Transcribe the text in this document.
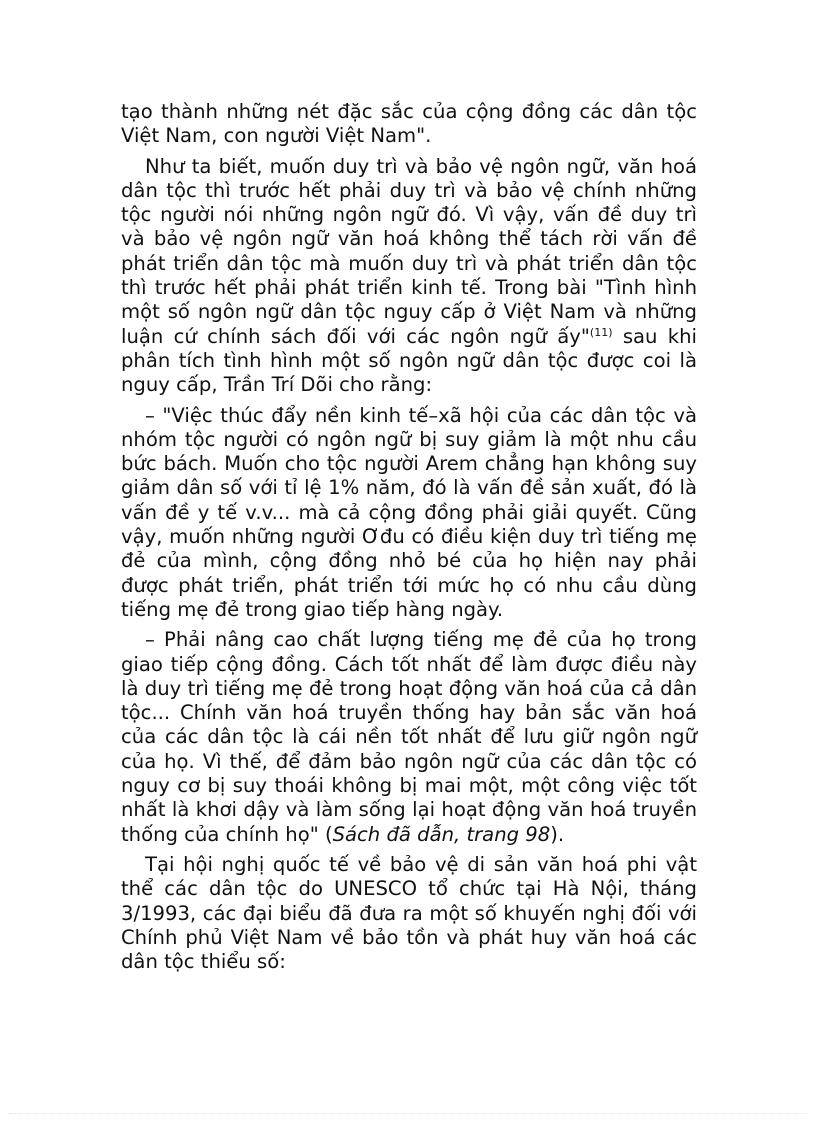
tạo thành những nét đặc sắc của cộng đồng các dân tộc Việt Nam, con người Việt Nam".

Như ta biết, muốn duy trì và bảo vệ ngôn ngữ, văn hoá dân tộc thì trước hết phải duy trì và bảo vệ chính những tộc người nói những ngôn ngữ đó. Vì vậy, vấn đề duy trì và bảo vệ ngôn ngữ văn hoá không thể tách rời vấn đề phát triển dân tộc mà muốn duy trì và phát triển dân tộc thì trước hết phải phát triển kinh tế. Trong bài "Tình hình một số ngôn ngữ dân tộc nguy cấp ở Việt Nam và những luận cứ chính sách đối với các ngôn ngữ ấy"$^{(11)}$ sau khi phân tích tình hình một số ngôn ngữ dân tộc được coi là nguy cấp, Trần Trí Dõi cho rằng:

– "Việc thúc đẩy nền kinh tế–xã hội của các dân tộc và nhóm tộc người có ngôn ngữ bị suy giảm là một nhu cầu bức bách. Muốn cho tộc người Arem chẳng hạn không suy giảm dân số với tỉ lệ 1% năm, đó là vấn đề sản xuất, đó là vấn đề y tế v.v... mà cả cộng đồng phải giải quyết. Cũng vậy, muốn những người Ơđu có điều kiện duy trì tiếng mẹ đẻ của mình, cộng đồng nhỏ bé của họ hiện nay phải được phát triển, phát triển tới mức họ có nhu cầu dùng tiếng mẹ đẻ trong giao tiếp hàng ngày.

– Phải nâng cao chất lượng tiếng mẹ đẻ của họ trong giao tiếp cộng đồng. Cách tốt nhất để làm được điều này là duy trì tiếng mẹ đẻ trong hoạt động văn hoá của cả dân tộc... Chính văn hoá truyền thống hay bản sắc văn hoá của các dân tộc là cái nền tốt nhất để lưu giữ ngôn ngữ của họ. Vì thế, để đảm bảo ngôn ngữ của các dân tộc có nguy cơ bị suy thoái không bị mai một, một công việc tốt nhất là khơi dậy và làm sống lại hoạt động văn hoá truyền thống của chính họ" (Sách đã dẫn, trang 98).

Tại hội nghị quốc tế về bảo vệ di sản văn hoá phi vật thể các dân tộc do UNESCO tổ chức tại Hà Nội, tháng 3/1993, các đại biểu đã đưa ra một số khuyến nghị đối với Chính phủ Việt Nam về bảo tồn và phát huy văn hoá các dân tộc thiểu số:
